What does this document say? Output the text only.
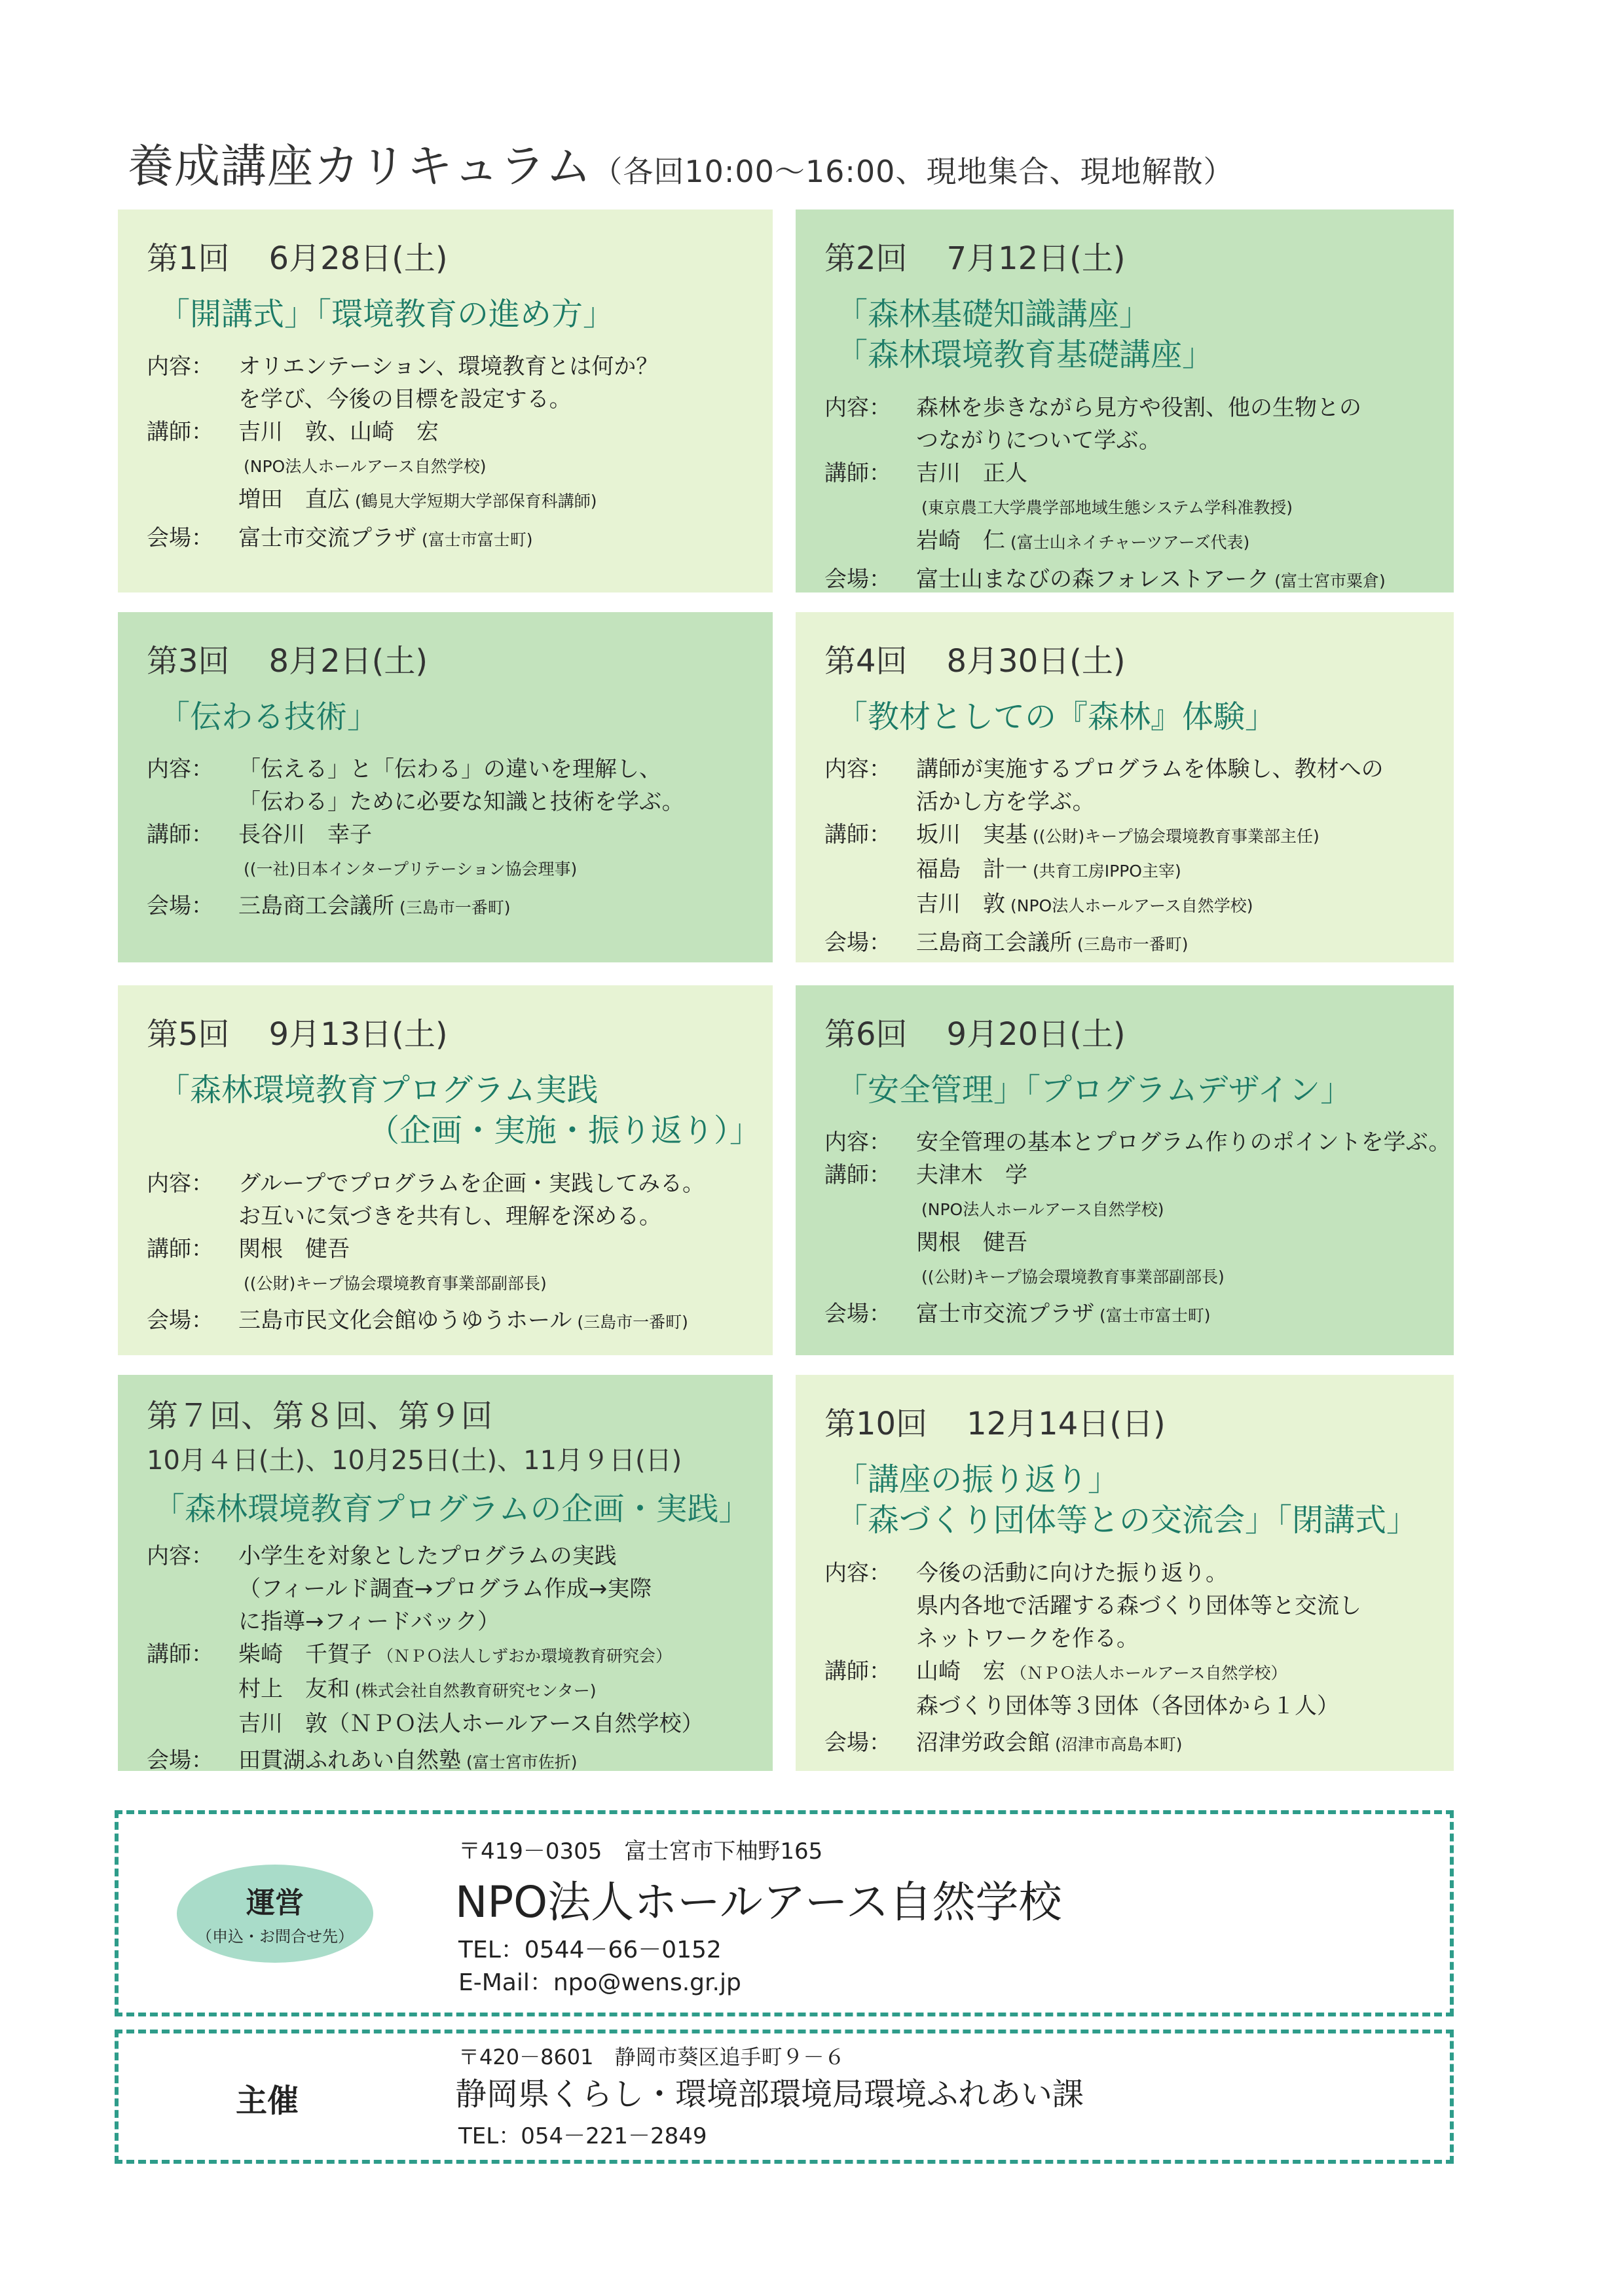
養成講座カリキュラム（各回10:00～16:00、現地集合、現地解散）
第1回 6月28日(土)
「開講式」「環境教育の進め方」
内容：	オリエンテーション、環境教育とは何か？
を学び、今後の目標を設定する。
講師：	吉川　敦、山崎　宏
(NPO法人ホールアース自然学校)
増田　直広 (鶴見大学短期大学部保育科講師)
会場：	富士市交流プラザ (富士市富士町)
第2回 7月12日(土)
「森林基礎知識講座」
「森林環境教育基礎講座」
内容：	森林を歩きながら見方や役割、他の生物との
つながりについて学ぶ。
講師：	吉川　正人
(東京農工大学農学部地域生態システム学科准教授)
岩崎　仁 (富士山ネイチャーツアーズ代表)
会場：	富士山まなびの森フォレストアーク (富士宮市粟倉)
第3回 8月2日(土)
「伝わる技術」
内容：	「伝える」と「伝わる」の違いを理解し、
「伝わる」ために必要な知識と技術を学ぶ。
講師：	長谷川　幸子
((一社)日本インタープリテーション協会理事)
会場：	三島商工会議所 (三島市一番町)
第4回 8月30日(土)
「教材としての『森林』体験」
内容：	講師が実施するプログラムを体験し、教材への
活かし方を学ぶ。
講師：	坂川　実基 ((公財)キープ協会環境教育事業部主任)
福島　計一 (共育工房IPPO主宰)
吉川　敦 (NPO法人ホールアース自然学校)
会場：	三島商工会議所 (三島市一番町)
第5回 9月13日(土)
「森林環境教育プログラム実践
（企画・実施・振り返り）」
内容：	グループでプログラムを企画・実践してみる。
お互いに気づきを共有し、理解を深める。
講師：	関根　健吾
((公財)キープ協会環境教育事業部副部長)
会場：	三島市民文化会館ゆうゆうホール (三島市一番町)
第6回 9月20日(土)
「安全管理」「プログラムデザイン」
内容：	安全管理の基本とプログラム作りのポイントを学ぶ。
講師：	夫津木　学
(NPO法人ホールアース自然学校)
関根　健吾
((公財)キープ協会環境教育事業部副部長)
会場：	富士市交流プラザ (富士市富士町)
第７回、第８回、第９回
10月４日(土)、10月25日(土)、11月９日(日)
「森林環境教育プログラムの企画・実践」
内容：	小学生を対象としたプログラムの実践
（フィールド調査→プログラム作成→実際
に指導→フィードバック）
講師：	柴崎　千賀子 （ＮＰＯ法人しずおか環境教育研究会）
村上　友和 (株式会社自然教育研究センター)
吉川　敦（ＮＰＯ法人ホールアース自然学校）
会場：	田貫湖ふれあい自然塾 (富士宮市佐折)
第10回 12月14日(日)
「講座の振り返り」
「森づくり団体等との交流会」「閉講式」
内容：	今後の活動に向けた振り返り。
県内各地で活躍する森づくり団体等と交流し
ネットワークを作る。
講師：	山崎　宏 （ＮＰＯ法人ホールアース自然学校）
森づくり団体等３団体（各団体から１人）
会場：	沼津労政会館 (沼津市高島本町)
運営
（申込・お問合せ先）
〒419－0305　富士宮市下柚野165
NPO法人ホールアース自然学校
TEL：0544－66－0152
E-Mail：npo@wens.gr.jp
主催
〒420－8601　静岡市葵区追手町９－６
静岡県くらし・環境部環境局環境ふれあい課
TEL：054－221－2849
